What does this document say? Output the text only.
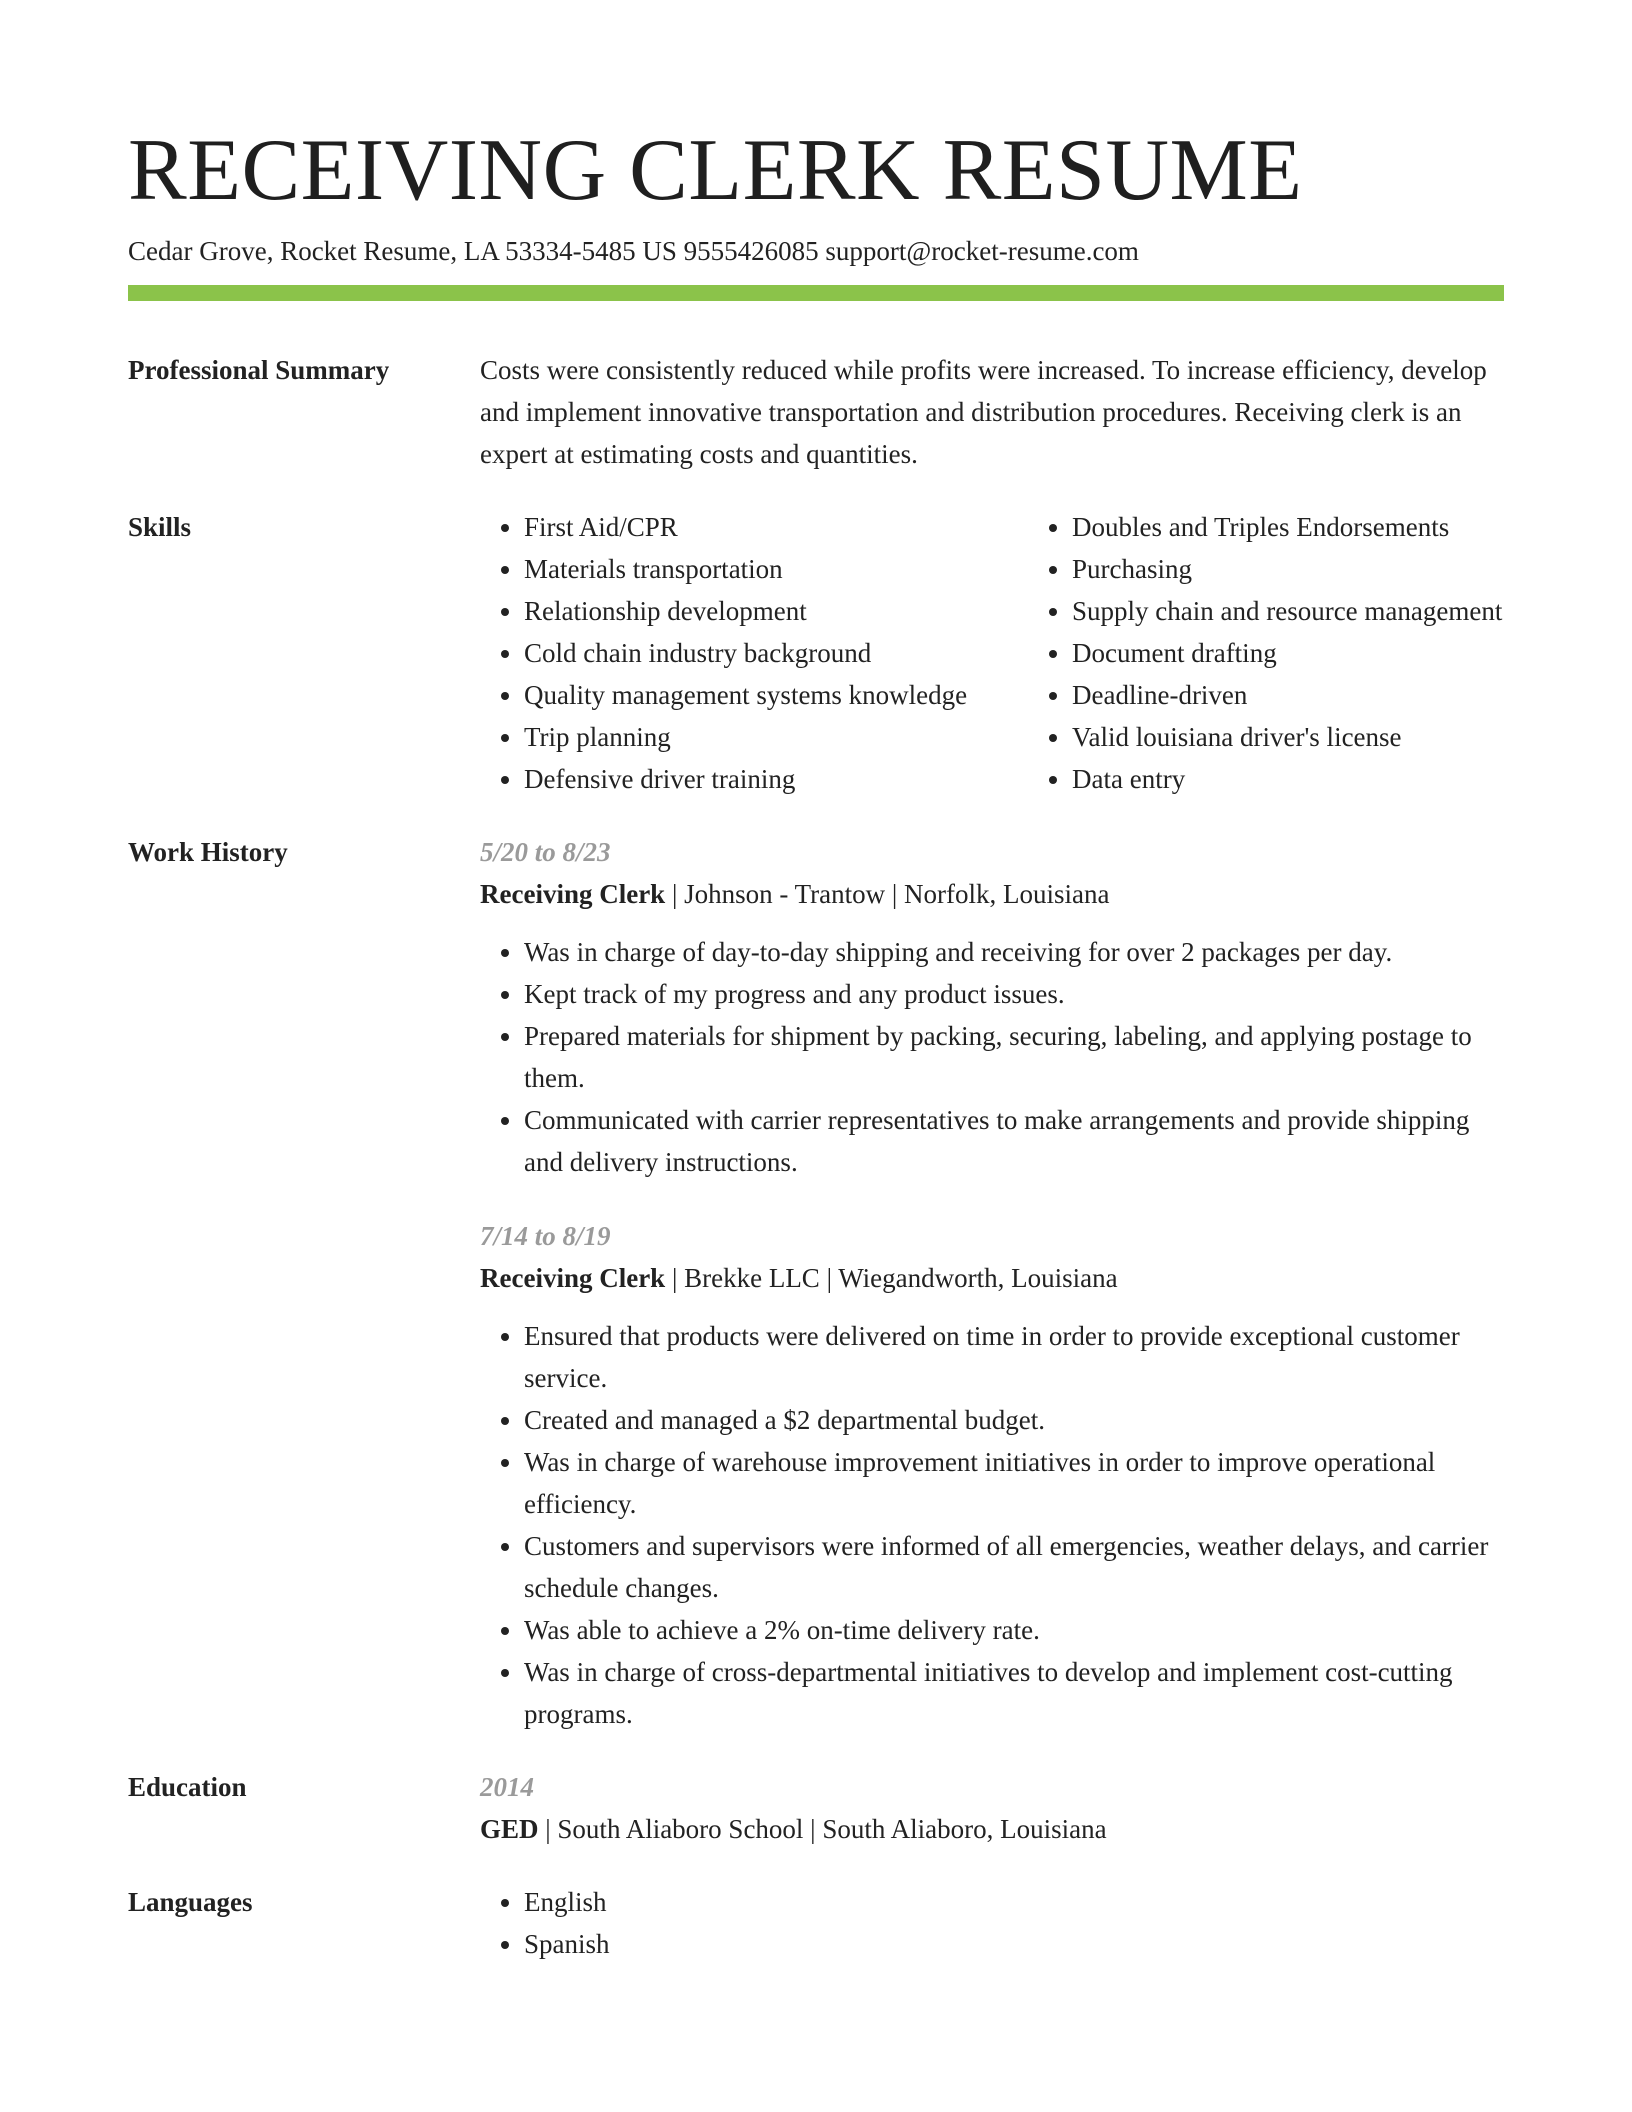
RECEIVING CLERK RESUME
Cedar Grove, Rocket Resume, LA 53334-5485 US 9555426085 support@rocket-resume.com
Professional Summary	Costs were consistently reduced while profits were increased. To increase efficiency, develop and implement innovative transportation and distribution procedures. Receiving clerk is an expert at estimating costs and quantities.
Skills	• First Aid/CPR
• Materials transportation
• Relationship development
• Cold chain industry background
• Quality management systems knowledge
• Trip planning
• Defensive driver training
• Doubles and Triples Endorsements
• Purchasing
• Supply chain and resource management
• Document drafting
• Deadline-driven
• Valid louisiana driver's license
• Data entry
Work History	5/20 to 8/23
Receiving Clerk | Johnson - Trantow | Norfolk, Louisiana
• Was in charge of day-to-day shipping and receiving for over 2 packages per day.
• Kept track of my progress and any product issues.
• Prepared materials for shipment by packing, securing, labeling, and applying postage to them.
• Communicated with carrier representatives to make arrangements and provide shipping and delivery instructions.
7/14 to 8/19
Receiving Clerk | Brekke LLC | Wiegandworth, Louisiana
• Ensured that products were delivered on time in order to provide exceptional customer service.
• Created and managed a $2 departmental budget.
• Was in charge of warehouse improvement initiatives in order to improve operational efficiency.
• Customers and supervisors were informed of all emergencies, weather delays, and carrier schedule changes.
• Was able to achieve a 2% on-time delivery rate.
• Was in charge of cross-departmental initiatives to develop and implement cost-cutting programs.
Education	2014
GED | South Aliaboro School | South Aliaboro, Louisiana
Languages	• English
• Spanish
